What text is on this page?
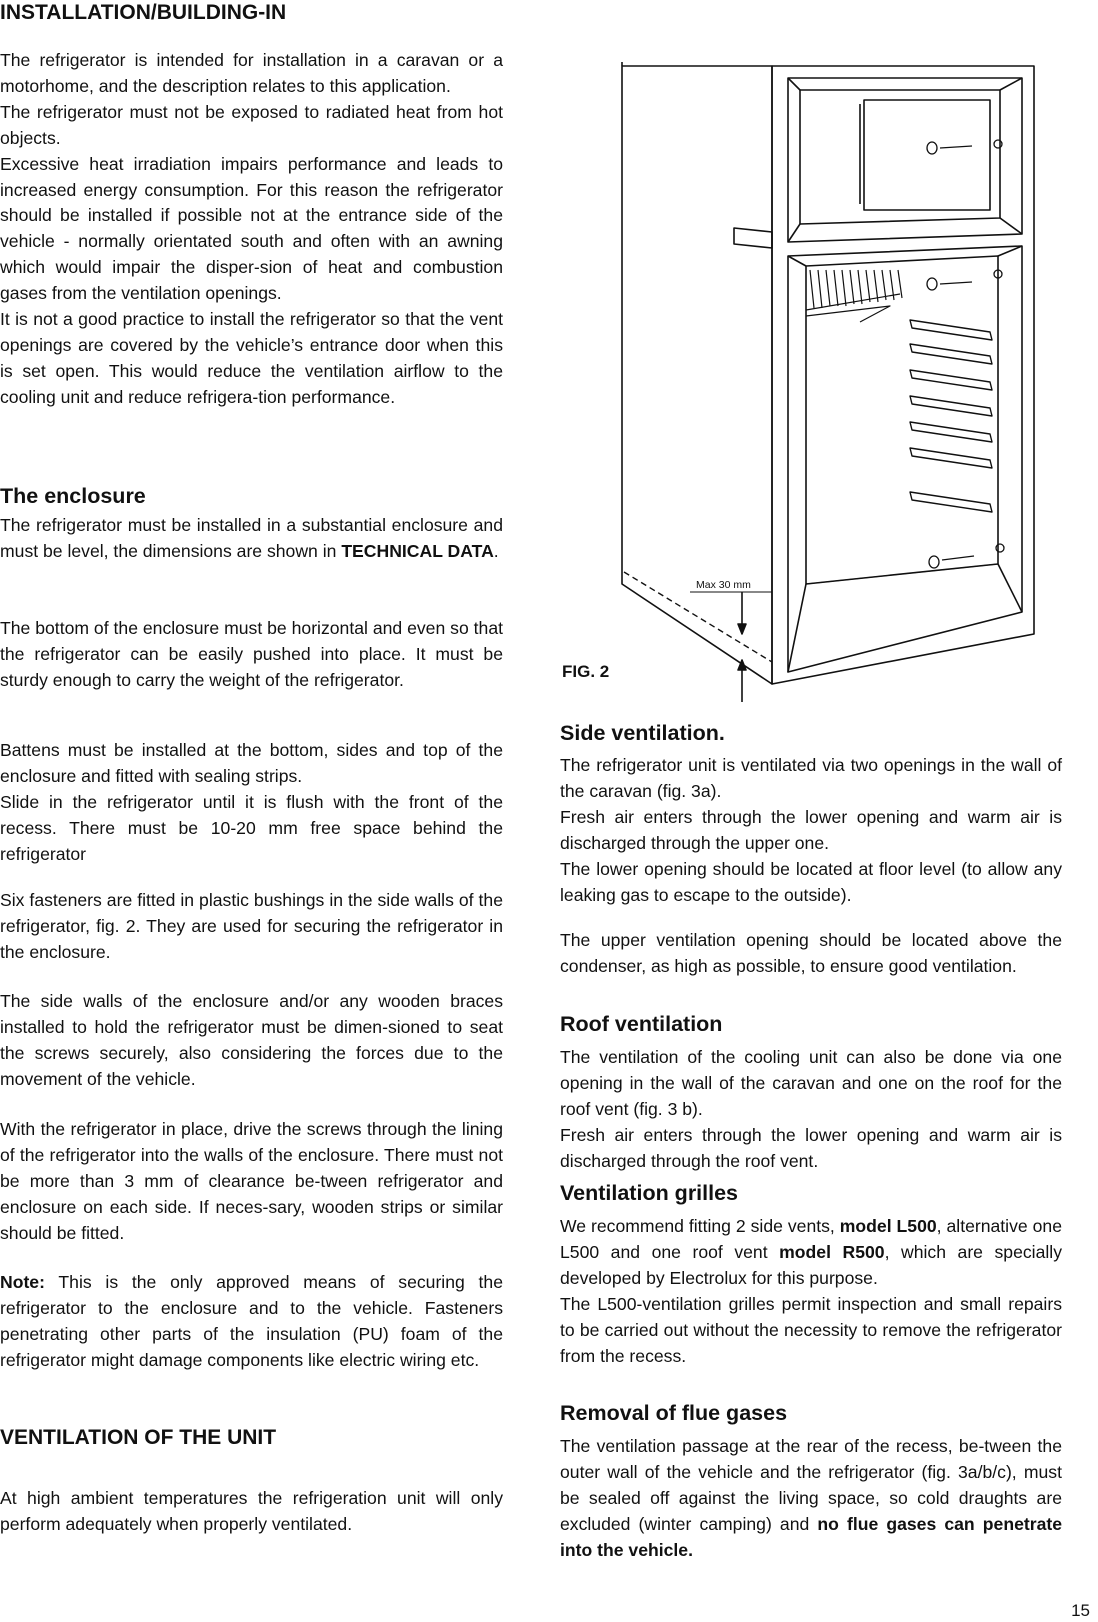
INSTALLATION/BUILDING-IN

The refrigerator is intended for installation in a caravan or a motorhome, and the description relates to this application.

The refrigerator must not be exposed to radiated heat from hot objects.

Excessive heat irradiation impairs performance and leads to increased energy consumption. For this reason the refrigerator should be installed if possible not at the entrance side of the vehicle - normally orientated south and often with an awning which would impair the disper-sion of heat and combustion gases from the ventilation openings.

It is not a good practice to install the refrigerator so that the vent openings are covered by the vehicle’s entrance door when this is set open. This would reduce the ventilation airflow to the cooling unit and reduce refrigera-tion performance.

The enclosure

The refrigerator must be installed in a substantial enclosure and must be level, the dimensions are shown in TECHNICAL DATA.

The bottom of the enclosure must be horizontal and even so that the refrigerator can be easily pushed into place. It must be sturdy enough to carry the weight of the refrigerator.

Battens must be installed at the bottom, sides and top of the enclosure and fitted with sealing strips.

Slide in the refrigerator until it is flush with the front of the recess. There must be 10-20 mm free space behind the refrigerator

Six fasteners are fitted in plastic bushings in the side walls of the refrigerator, fig. 2. They are used for securing the refrigerator in the enclosure.

The side walls of the enclosure and/or any wooden braces installed to hold the refrigerator must be dimen-sioned to seat the screws securely, also considering the forces due to the movement of the vehicle.

With the refrigerator in place, drive the screws through the lining of the refrigerator into the walls of the enclosure. There must not be more than 3 mm of clearance be-tween refrigerator and enclosure on each side. If neces-sary, wooden strips or similar should be fitted.

Note: This is the only approved means of securing the refrigerator to the enclosure and to the vehicle. Fasteners penetrating other parts of the insulation (PU) foam of the refrigerator might damage components like electric wiring etc.

VENTILATION OF THE UNIT

At high ambient temperatures the refrigeration unit will only perform adequately when properly ventilated.

Max 30 mm
FIG. 2
Side ventilation.

The refrigerator unit is ventilated via two openings in the wall of the caravan (fig. 3a).

Fresh air enters through the lower opening and warm air is discharged through the upper one.

The lower opening should be located at floor level (to allow any leaking gas to escape to the outside).

The upper ventilation opening should be located above the condenser, as high as possible, to ensure good ventilation.

Roof ventilation

The ventilation of the cooling unit can also be done via one opening in the wall of the caravan and one on the roof for the roof vent (fig. 3 b).

Fresh air enters through the lower opening and warm air is discharged through the roof vent.

Ventilation grilles

We recommend fitting 2 side vents, model L500, alternative one L500 and one roof vent model R500, which are specially developed by Electrolux for this purpose.

The L500-ventilation grilles permit inspection and small repairs to be carried out without the necessity to remove the refrigerator from the recess.

Removal of flue gases

The ventilation passage at the rear of the recess, be-tween the outer wall of the vehicle and the refrigerator (fig. 3a/b/c), must be sealed off against the living space, so cold draughts are excluded (winter camping) and no flue gases can penetrate into the vehicle.

15
